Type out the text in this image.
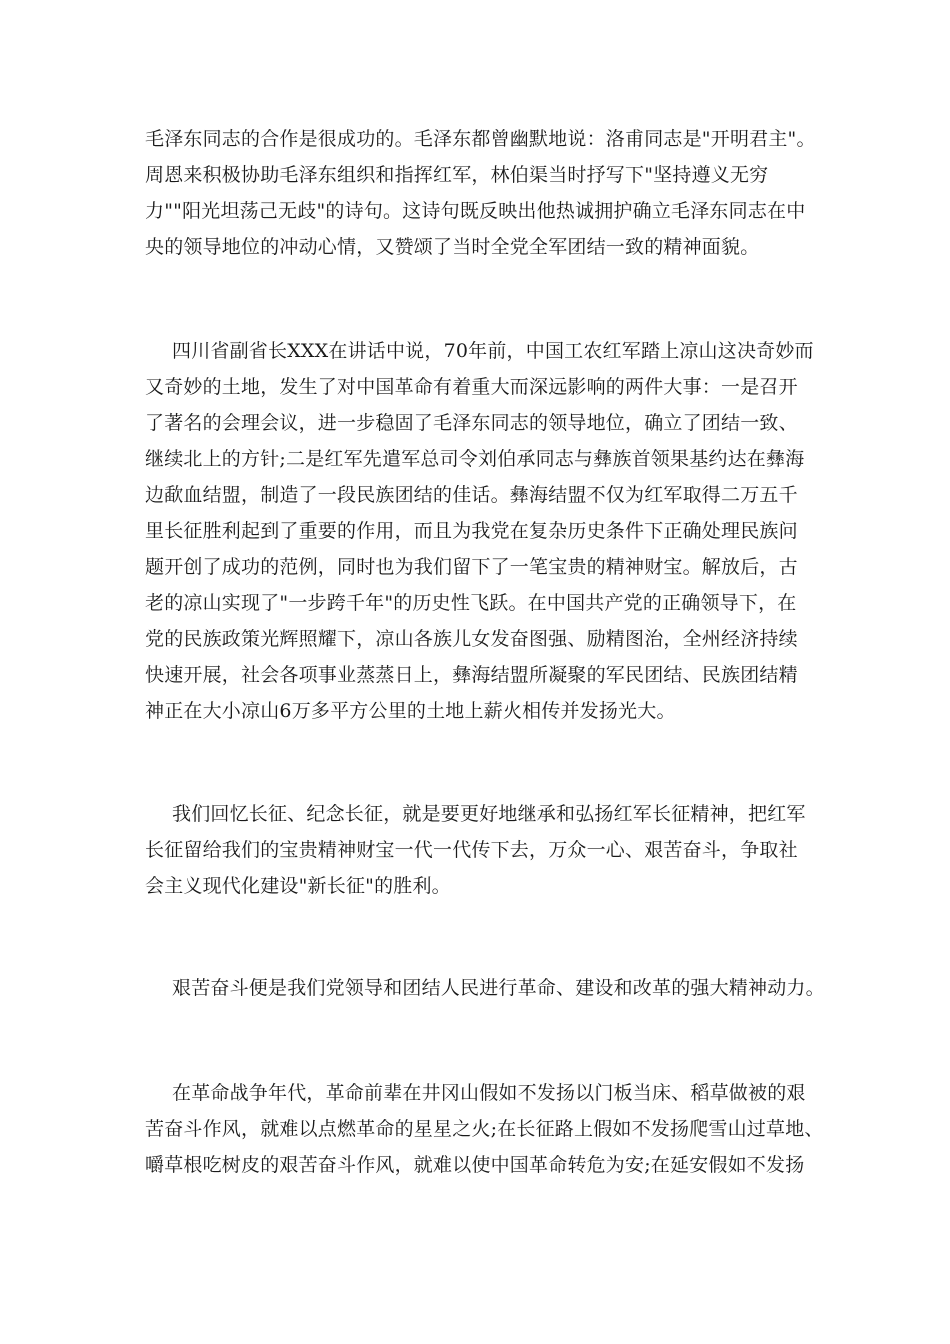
毛泽东同志的合作是很成功的。毛泽东都曾幽默地说：洛甫同志是"开明君主"。
周恩来积极协助毛泽东组织和指挥红军，林伯渠当时抒写下"坚持遵义无穷
力""阳光坦荡己无歧"的诗句。这诗句既反映出他热诚拥护确立毛泽东同志在中
央的领导地位的冲动心情，又赞颂了当时全党全军团结一致的精神面貌。
四川省副省长XXX在讲话中说，70年前，中国工农红军踏上凉山这决奇妙而
又奇妙的土地，发生了对中国革命有着重大而深远影响的两件大事：一是召开
了著名的会理会议，进一步稳固了毛泽东同志的领导地位，确立了团结一致、
继续北上的方针;二是红军先遣军总司令刘伯承同志与彝族首领果基约达在彝海
边歃血结盟，制造了一段民族团结的佳话。彝海结盟不仅为红军取得二万五千
里长征胜利起到了重要的作用，而且为我党在复杂历史条件下正确处理民族问
题开创了成功的范例，同时也为我们留下了一笔宝贵的精神财宝。解放后，古
老的凉山实现了"一步跨千年"的历史性飞跃。在中国共产党的正确领导下，在
党的民族政策光辉照耀下，凉山各族儿女发奋图强、励精图治，全州经济持续
快速开展，社会各项事业蒸蒸日上，彝海结盟所凝聚的军民团结、民族团结精
神正在大小凉山6万多平方公里的土地上薪火相传并发扬光大。
我们回忆长征、纪念长征，就是要更好地继承和弘扬红军长征精神，把红军
长征留给我们的宝贵精神财宝一代一代传下去，万众一心、艰苦奋斗，争取社
会主义现代化建设"新长征"的胜利。
艰苦奋斗便是我们党领导和团结人民进行革命、建设和改革的强大精神动力。
在革命战争年代，革命前辈在井冈山假如不发扬以门板当床、稻草做被的艰
苦奋斗作风，就难以点燃革命的星星之火;在长征路上假如不发扬爬雪山过草地、
嚼草根吃树皮的艰苦奋斗作风，就难以使中国革命转危为安;在延安假如不发扬
